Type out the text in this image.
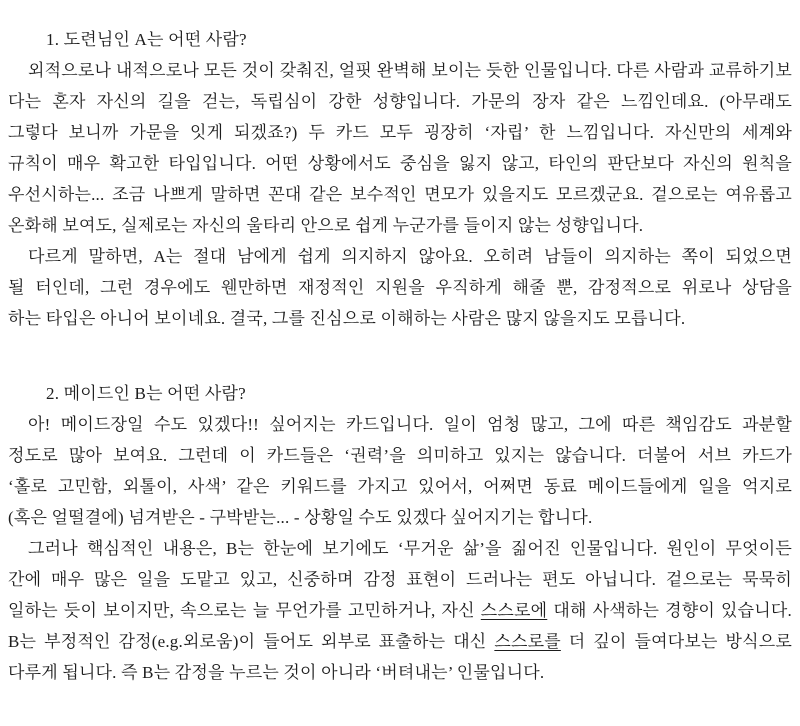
1. 도련님인 A는 어떤 사람?
외적으로나 내적으로나 모든 것이 갖춰진, 얼핏 완벽해 보이는 듯한 인물입니다. 다른 사람과 교류하기보
다는 혼자 자신의 길을 걷는, 독립심이 강한 성향입니다. 가문의 장자 같은 느낌인데요. (아무래도
그렇다 보니까 가문을 잇게 되겠죠?) 두 카드 모두 굉장히 ‘자립’ 한 느낌입니다. 자신만의 세계와
규칙이 매우 확고한 타입입니다. 어떤 상황에서도 중심을 잃지 않고, 타인의 판단보다 자신의 원칙을
우선시하는... 조금 나쁘게 말하면 꼰대 같은 보수적인 면모가 있을지도 모르겠군요. 겉으로는 여유롭고
온화해 보여도, 실제로는 자신의 울타리 안으로 쉽게 누군가를 들이지 않는 성향입니다.
다르게 말하면, A는 절대 남에게 쉽게 의지하지 않아요. 오히려 남들이 의지하는 쪽이 되었으면
될 터인데, 그런 경우에도 웬만하면 재정적인 지원을 우직하게 해줄 뿐, 감정적으로 위로나 상담을
하는 타입은 아니어 보이네요. 결국, 그를 진심으로 이해하는 사람은 많지 않을지도 모릅니다.
2. 메이드인 B는 어떤 사람?
아! 메이드장일 수도 있겠다!! 싶어지는 카드입니다. 일이 엄청 많고, 그에 따른 책임감도 과분할
정도로 많아 보여요. 그런데 이 카드들은 ‘권력’을 의미하고 있지는 않습니다. 더불어 서브 카드가
‘홀로 고민함, 외톨이, 사색’ 같은 키워드를 가지고 있어서, 어쩌면 동료 메이드들에게 일을 억지로
(혹은 얼떨결에) 넘겨받은 - 구박받는... - 상황일 수도 있겠다 싶어지기는 합니다.
그러나 핵심적인 내용은, B는 한눈에 보기에도 ‘무거운 삶’을 짊어진 인물입니다. 원인이 무엇이든
간에 매우 많은 일을 도맡고 있고, 신중하며 감정 표현이 드러나는 편도 아닙니다. 겉으로는 묵묵히
일하는 듯이 보이지만, 속으로는 늘 무언가를 고민하거나, 자신 스스로에 대해 사색하는 경향이 있습니다.
B는 부정적인 감정(e.g.외로움)이 들어도 외부로 표출하는 대신 스스로를 더 깊이 들여다보는 방식으로
다루게 됩니다. 즉 B는 감정을 누르는 것이 아니라 ‘버텨내는’ 인물입니다.
